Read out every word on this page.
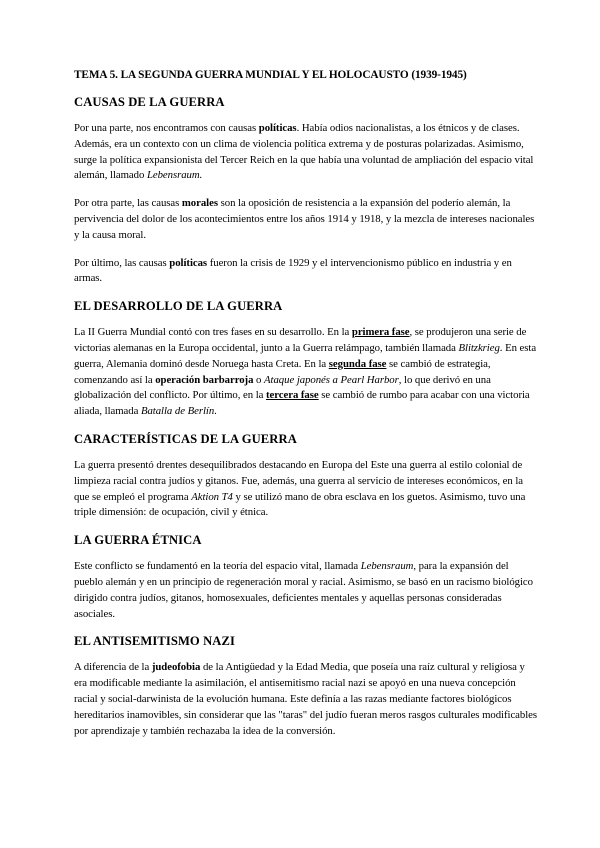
TEMA 5. LA SEGUNDA GUERRA MUNDIAL Y EL HOLOCAUSTO (1939-1945)
CAUSAS DE LA GUERRA

Por una parte, nos encontramos con causas políticas. Había odios nacionalistas, a los étnicos y de clases. Además, era un contexto con un clima de violencia política extrema y de posturas polarizadas. Asimismo, surge la política expansionista del Tercer Reich en la que había una voluntad de ampliación del espacio vital alemán, llamado Lebensraum.

Por otra parte, las causas morales son la oposición de resistencia a la expansión del poderío alemán, la pervivencia del dolor de los acontecimientos entre los años 1914 y 1918, y la mezcla de intereses nacionales y la causa moral.

Por último, las causas políticas fueron la crisis de 1929 y el intervencionismo público en industria y en armas.

EL DESARROLLO DE LA GUERRA

La II Guerra Mundial contó con tres fases en su desarrollo. En la primera fase, se produjeron una serie de victorias alemanas en la Europa occidental, junto a la Guerra relámpago, también llamada Blitzkrieg. En esta guerra, Alemania dominó desde Noruega hasta Creta. En la segunda fase se cambió de estrategia, comenzando así la operación barbarroja o Ataque japonés a Pearl Harbor, lo que derivó en una globalización del conflicto. Por último, en la tercera fase se cambió de rumbo para acabar con una victoria aliada, llamada Batalla de Berlín.

CARACTERÍSTICAS DE LA GUERRA

La guerra presentó drentes desequilibrados destacando en Europa del Este una guerra al estilo colonial de limpieza racial contra judíos y gitanos. Fue, además, una guerra al servicio de intereses económicos, en la que se empleó el programa Aktion T4 y se utilizó mano de obra esclava en los guetos. Asimismo, tuvo una triple dimensión: de ocupación, civil y étnica.

LA GUERRA ÉTNICA

Este conflicto se fundamentó en la teoría del espacio vital, llamada Lebensraum, para la expansión del pueblo alemán y en un principio de regeneración moral y racial. Asimismo, se basó en un racismo biológico dirigido contra judíos, gitanos, homosexuales, deficientes mentales y aquellas personas consideradas asociales.

EL ANTISEMITISMO NAZI

A diferencia de la judeofobia de la Antigüedad y la Edad Media, que poseía una raíz cultural y religiosa y era modificable mediante la asimilación, el antisemitismo racial nazi se apoyó en una nueva concepción racial y social-darwinista de la evolución humana. Este definía a las razas mediante factores biológicos hereditarios inamovibles, sin considerar que las "taras" del judío fueran meros rasgos culturales modificables por aprendizaje y también rechazaba la idea de la conversión.
